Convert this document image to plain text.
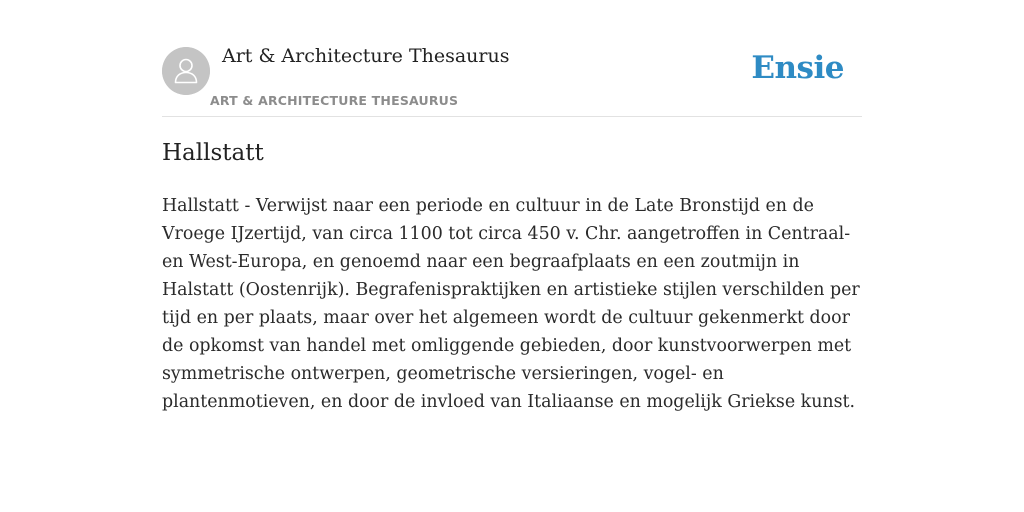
Art & Architecture Thesaurus
ART & ARCHITECTURE THESAURUS
Ensie
Hallstatt

Hallstatt - Verwijst naar een periode en cultuur in de Late Bronstijd en de Vroege IJzertijd, van circa 1100 tot circa 450 v. Chr. aangetroffen in Centraal- en West-Europa, en genoemd naar een begraafplaats en een zoutmijn in Halstatt (Oostenrijk). Begrafenispraktijken en artistieke stijlen verschilden per tijd en per plaats, maar over het algemeen wordt de cultuur gekenmerkt door de opkomst van handel met omliggende gebieden, door kunstvoorwerpen met symmetrische ontwerpen, geometrische versieringen, vogel- en plantenmotieven, en door de invloed van Italiaanse en mogelijk Griekse kunst.
